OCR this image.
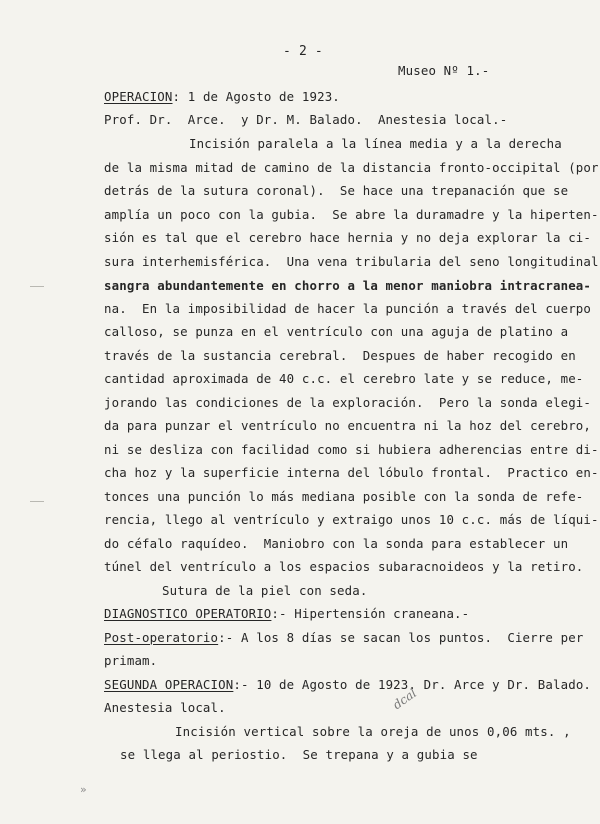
- 2 -
Museo Nº 1.-
OPERACION: 1 de Agosto de 1923.
Prof. Dr.  Arce.  y Dr. M. Balado.  Anestesia local.-
Incisión paralela a la línea media y a la derecha
de la misma mitad de camino de la distancia fronto-occipital (por
detrás de la sutura coronal).  Se hace una trepanación que se
amplía un poco con la gubia.  Se abre la duramadre y la hiperten-
sión es tal que el cerebro hace hernia y no deja explorar la ci-
sura interhemisférica.  Una vena tribularia del seno longitudinal
sangra abundantemente en chorro a la menor maniobra intracranea-
na.  En la imposibilidad de hacer la punción a través del cuerpo
calloso, se punza en el ventrículo con una aguja de platino a
través de la sustancia cerebral.  Despues de haber recogido en
cantidad aproximada de 40 c.c. el cerebro late y se reduce, me-
jorando las condiciones de la exploración.  Pero la sonda elegi-
da para punzar el ventrículo no encuentra ni la hoz del cerebro,
ni se desliza con facilidad como si hubiera adherencias entre di-
cha hoz y la superficie interna del lóbulo frontal.  Practico en-
tonces una punción lo más mediana posible con la sonda de refe-
rencia, llego al ventrículo y extraigo unos 10 c.c. más de líqui-
do céfalo raquídeo.  Maniobro con la sonda para establecer un
túnel del ventrículo a los espacios subaracnoideos y la retiro.
Sutura de la piel con seda.
DIAGNOSTICO OPERATORIO:- Hipertensión craneana.-
Post-operatorio:- A los 8 días se sacan los puntos.  Cierre per
primam.
SEGUNDA OPERACION:- 10 de Agosto de 1923. Dr. Arce y Dr. Balado.
Anestesia local.
Incisión vertical sobre la oreja de unos 0,06 mts. ,
se llega al periostio.  Se trepana y a gubia se
dcal
»
